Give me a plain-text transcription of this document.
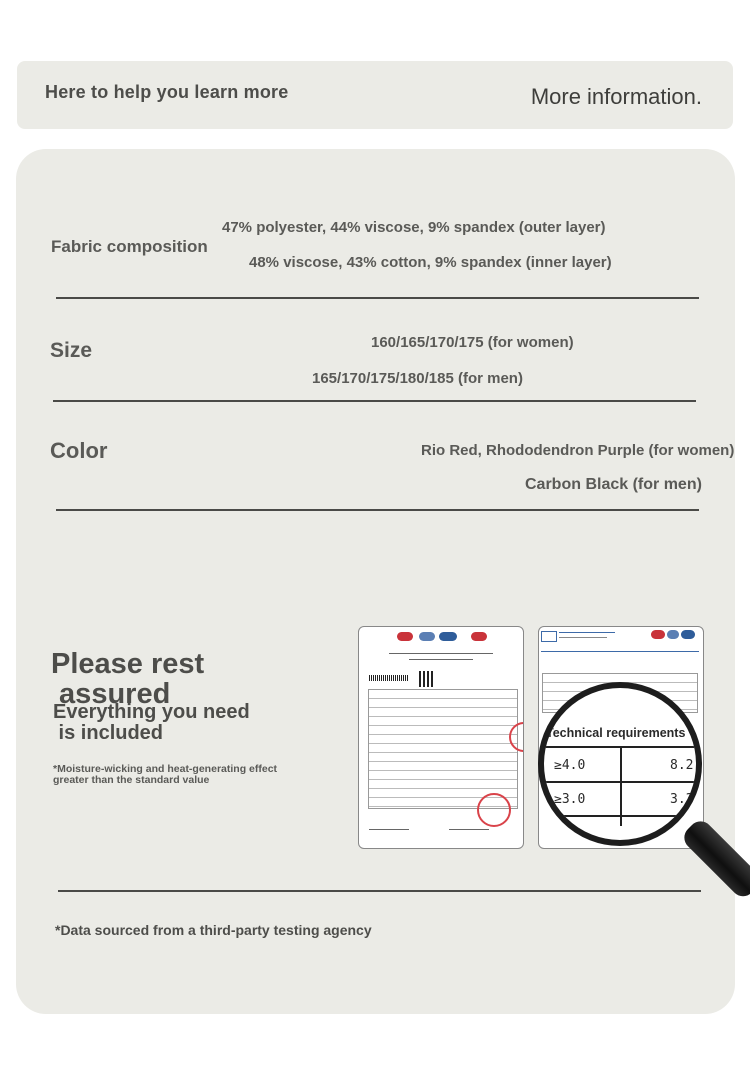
Here to help you learn more	More information.
Fabric composition
47% polyester, 44% viscose, 9% spandex (outer layer)
48% viscose, 43% cotton, 9% spandex (inner layer)
Size	160/165/170/175 (for women)
165/170/175/180/185 (for men)
Color	Rio Red, Rhododendron Purple (for women)
Carbon Black (for men)
Please rest
assured
Everything you need
is included
*Moisture-wicking and heat-generating effect greater than the standard value
*Data sourced from a third-party testing agency
Technical requirements
≥4.0	8.2
≥3.0	3.3
